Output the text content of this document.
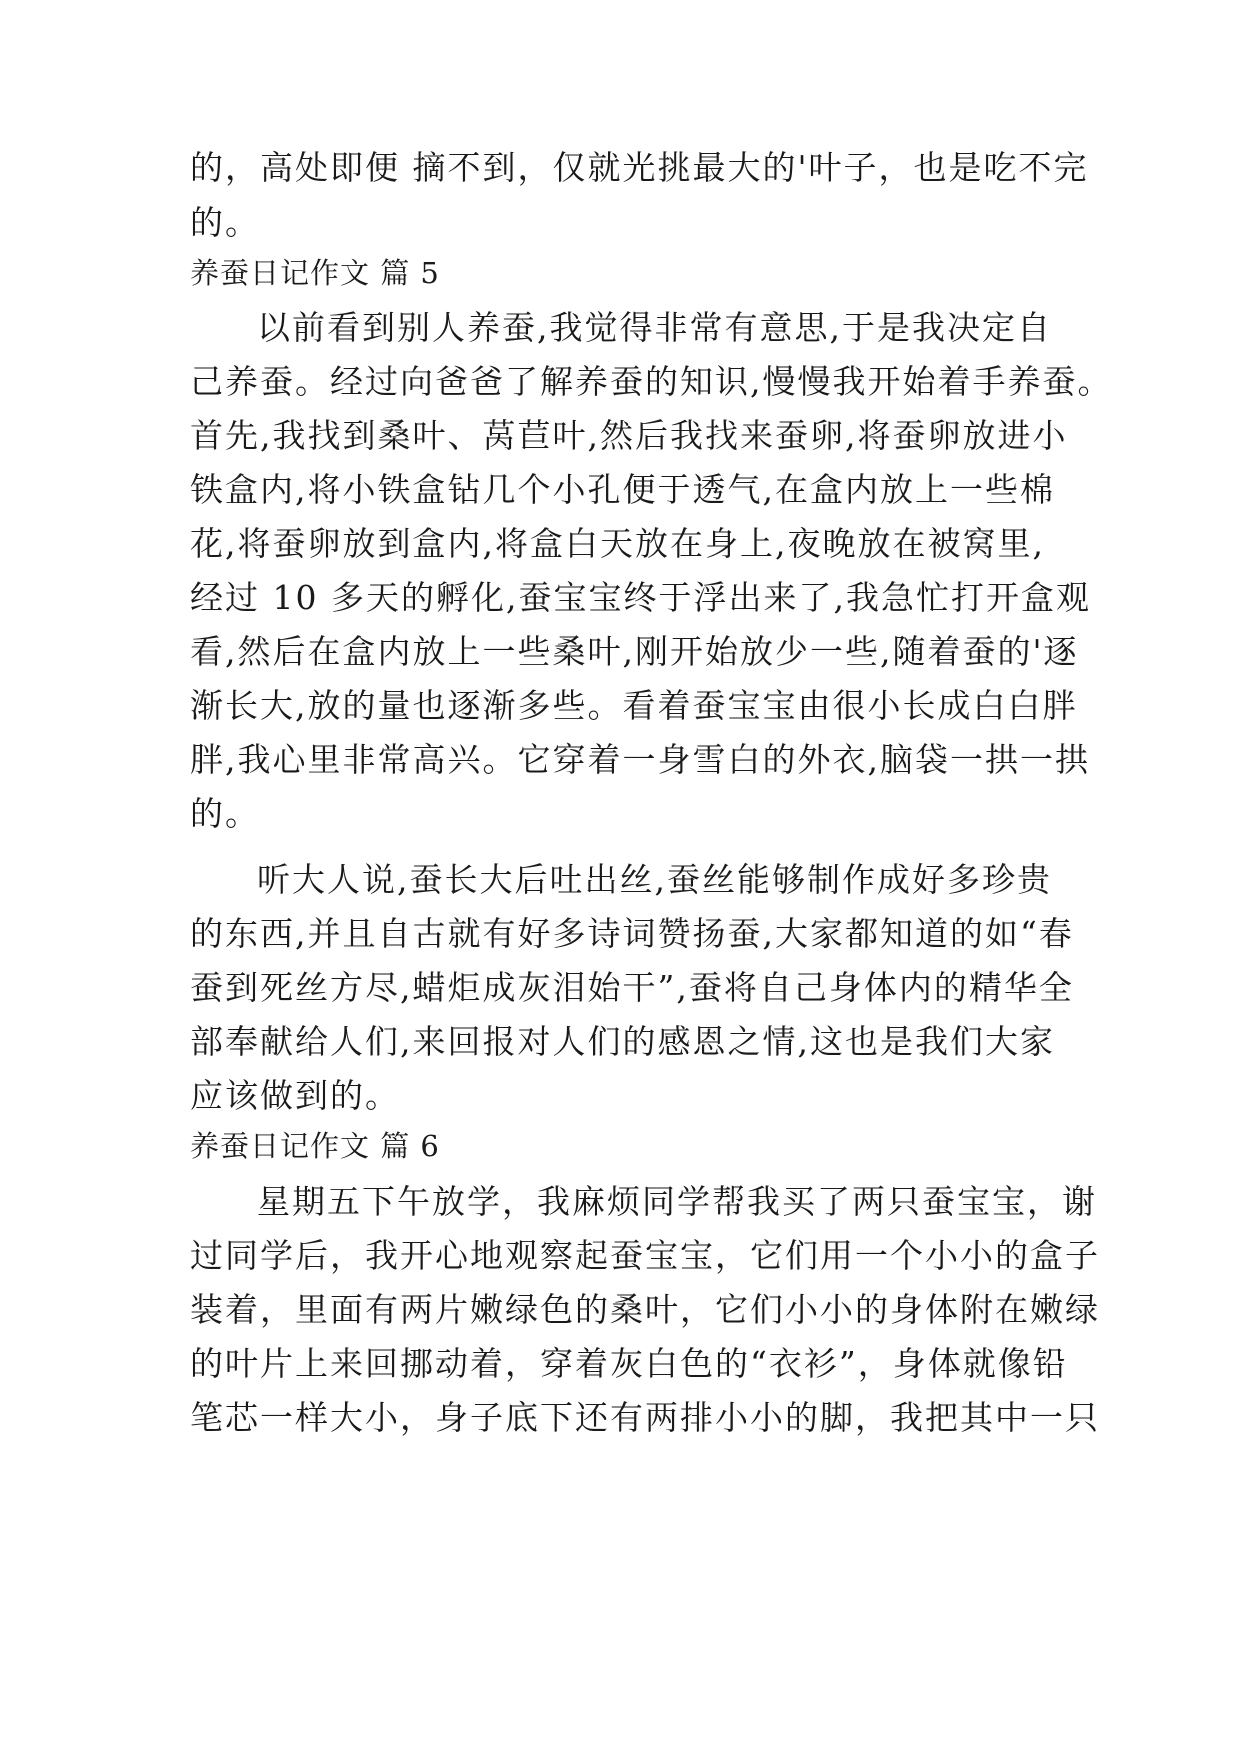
的，高处即便 摘不到，仅就光挑最大的'叶子，也是吃不完
的。
养蚕日记作文 篇 5
以前看到别人养蚕,我觉得非常有意思,于是我决定自
己养蚕。经过向爸爸了解养蚕的知识,慢慢我开始着手养蚕。
首先,我找到桑叶、莴苣叶,然后我找来蚕卵,将蚕卵放进小
铁盒内,将小铁盒钻几个小孔便于透气,在盒内放上一些棉
花,将蚕卵放到盒内,将盒白天放在身上,夜晚放在被窝里,
经过 10 多天的孵化,蚕宝宝终于浮出来了,我急忙打开盒观
看,然后在盒内放上一些桑叶,刚开始放少一些,随着蚕的'逐
渐长大,放的量也逐渐多些。看着蚕宝宝由很小长成白白胖
胖,我心里非常高兴。它穿着一身雪白的外衣,脑袋一拱一拱
的。
听大人说,蚕长大后吐出丝,蚕丝能够制作成好多珍贵
的东西,并且自古就有好多诗词赞扬蚕,大家都知道的如“春
蚕到死丝方尽,蜡炬成灰泪始干”,蚕将自己身体内的精华全
部奉献给人们,来回报对人们的感恩之情,这也是我们大家
应该做到的。
养蚕日记作文 篇 6
星期五下午放学，我麻烦同学帮我买了两只蚕宝宝，谢
过同学后，我开心地观察起蚕宝宝，它们用一个小小的盒子
装着，里面有两片嫩绿色的桑叶，它们小小的身体附在嫩绿
的叶片上来回挪动着，穿着灰白色的“衣衫”，身体就像铅
笔芯一样大小，身子底下还有两排小小的脚，我把其中一只
